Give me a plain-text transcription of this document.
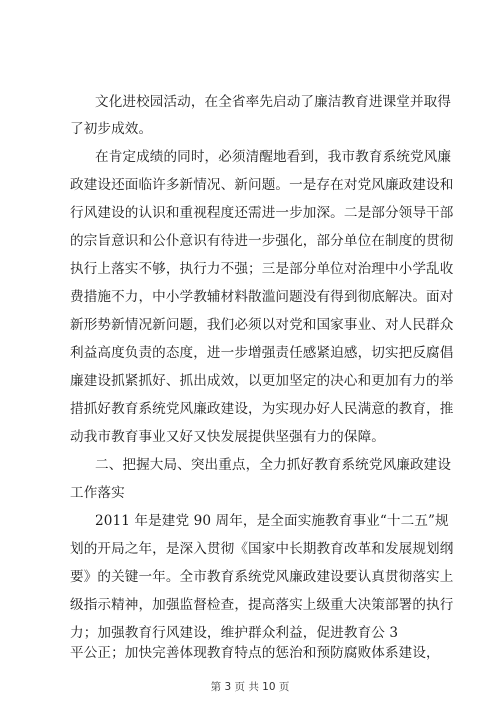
文化进校园活动，在全省率先启动了廉洁教育进课堂并取得
了初步成效。
在肯定成绩的同时，必须清醒地看到，我市教育系统党风廉
政建设还面临许多新情况、新问题。一是存在对党风廉政建设和
行风建设的认识和重视程度还需进一步加深。二是部分领导干部
的宗旨意识和公仆意识有待进一步强化，部分单位在制度的贯彻
执行上落实不够，执行力不强；三是部分单位对治理中小学乱收
费措施不力，中小学教辅材料散滥问题没有得到彻底解决。面对
新形势新情况新问题，我们必须以对党和国家事业、对人民群众
利益高度负责的态度，进一步增强责任感紧迫感，切实把反腐倡
廉建设抓紧抓好、抓出成效，以更加坚定的决心和更加有力的举
措抓好教育系统党风廉政建设，为实现办好人民满意的教育，推
动我市教育事业又好又快发展提供坚强有力的保障。
二、把握大局、突出重点，全力抓好教育系统党风廉政建设
工作落实
2011 年是建党 90 周年，是全面实施教育事业“十二五”规
划的开局之年，是深入贯彻《国家中长期教育改革和发展规划纲
要》的关键一年。全市教育系统党风廉政建设要认真贯彻落实上
级指示精神，加强监督检查，提高落实上级重大决策部署的执行
力；加强教育行风建设，维护群众利益，促进教育公 3
平公正；加快完善体现教育特点的惩治和预防腐败体系建设，
第 3 页 共 10 页
